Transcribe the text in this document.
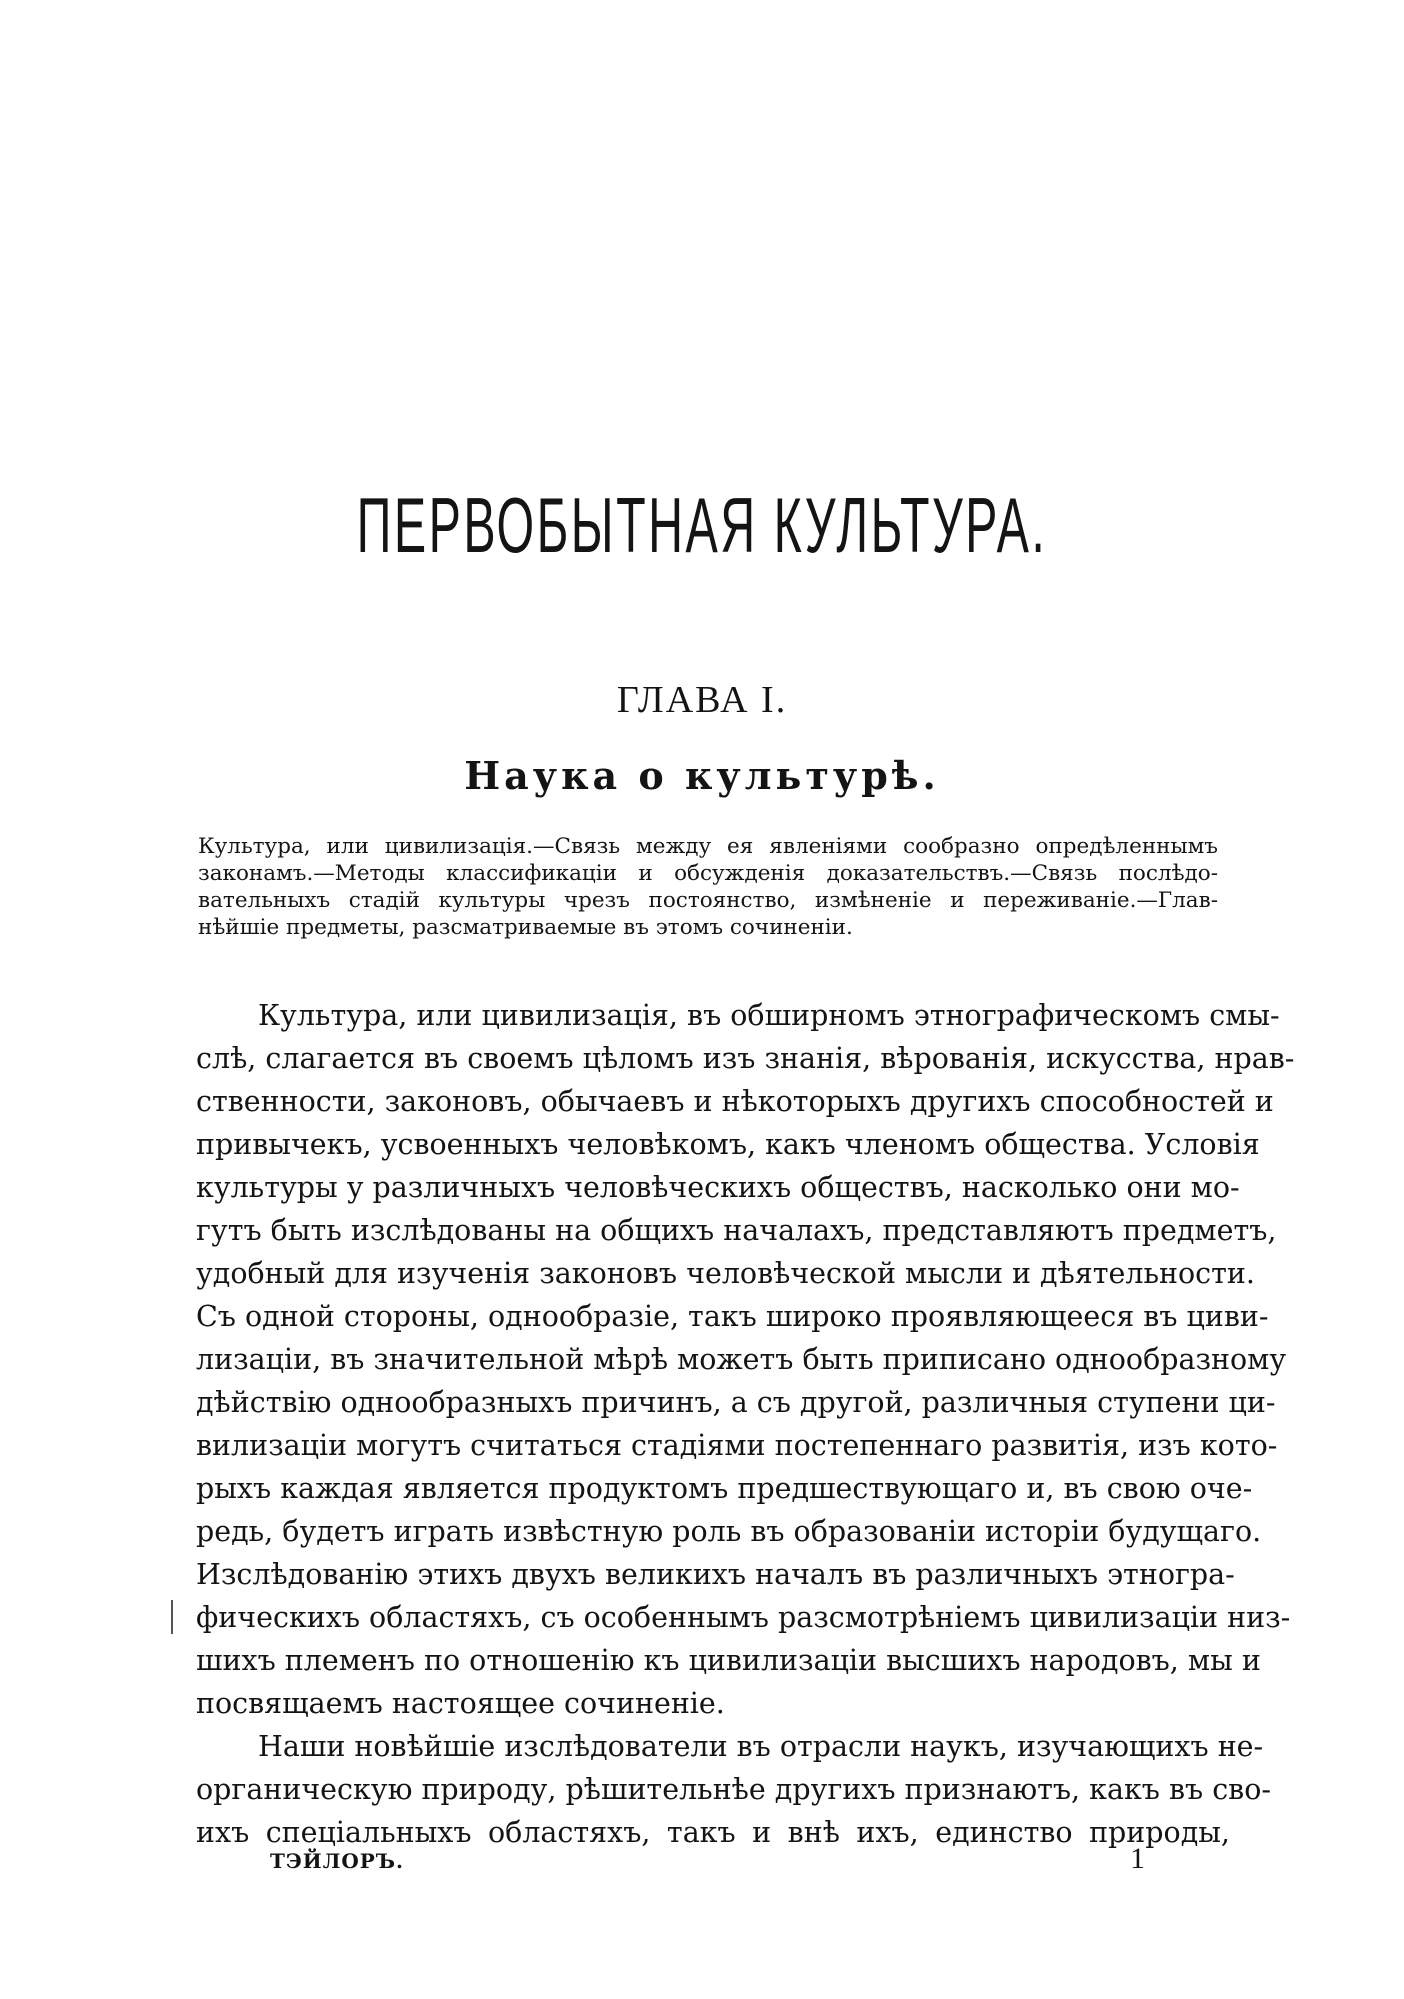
ПЕРВОБЫТНАЯ КУЛЬТУРА.
ГЛАВА I.
Наука о культурѣ.
Культура, или цивилизація.—Связь между ея явленіями сообразно опредѣленнымъ
законамъ.—Методы классификаціи и обсужденія доказательствъ.—Связь послѣдо-
вательныхъ стадій культуры чрезъ постоянство, измѣненіе и переживаніе.—Глав-
нѣйшіе предметы, разсматриваемые въ этомъ сочиненіи.
Культура, или цивилизація, въ обширномъ этнографическомъ смы-
слѣ, слагается въ своемъ цѣломъ изъ знанія, вѣрованія, искусства, нрав-
ственности, законовъ, обычаевъ и нѣкоторыхъ другихъ способностей и
привычекъ, усвоенныхъ человѣкомъ, какъ членомъ общества. Условія
культуры у различныхъ человѣческихъ обществъ, насколько они мо-
гутъ быть изслѣдованы на общихъ началахъ, представляютъ предметъ,
удобный для изученія законовъ человѣческой мысли и дѣятельности.
Съ одной стороны, однообразіе, такъ широко проявляющееся въ циви-
лизаціи, въ значительной мѣрѣ можетъ быть приписано однообразному
дѣйствію однообразныхъ причинъ, а съ другой, различныя ступени ци-
вилизаціи могутъ считаться стадіями постепеннаго развитія, изъ кото-
рыхъ каждая является продуктомъ предшествующаго и, въ свою оче-
редь, будетъ играть извѣстную роль въ образованіи исторіи будущаго.
Изслѣдованію этихъ двухъ великихъ началъ въ различныхъ этногра-
фическихъ областяхъ, съ особеннымъ разсмотрѣніемъ цивилизаціи низ-
шихъ племенъ по отношенію къ цивилизаціи высшихъ народовъ, мы и
посвящаемъ настоящее сочиненіе.
Наши новѣйшіе изслѣдователи въ отрасли наукъ, изучающихъ не-
органическую природу, рѣшительнѣе другихъ признаютъ, какъ въ сво-
ихъ спеціальныхъ областяхъ, такъ и внѣ ихъ, единство природы,
ТЭЙЛОРЪ.	1
